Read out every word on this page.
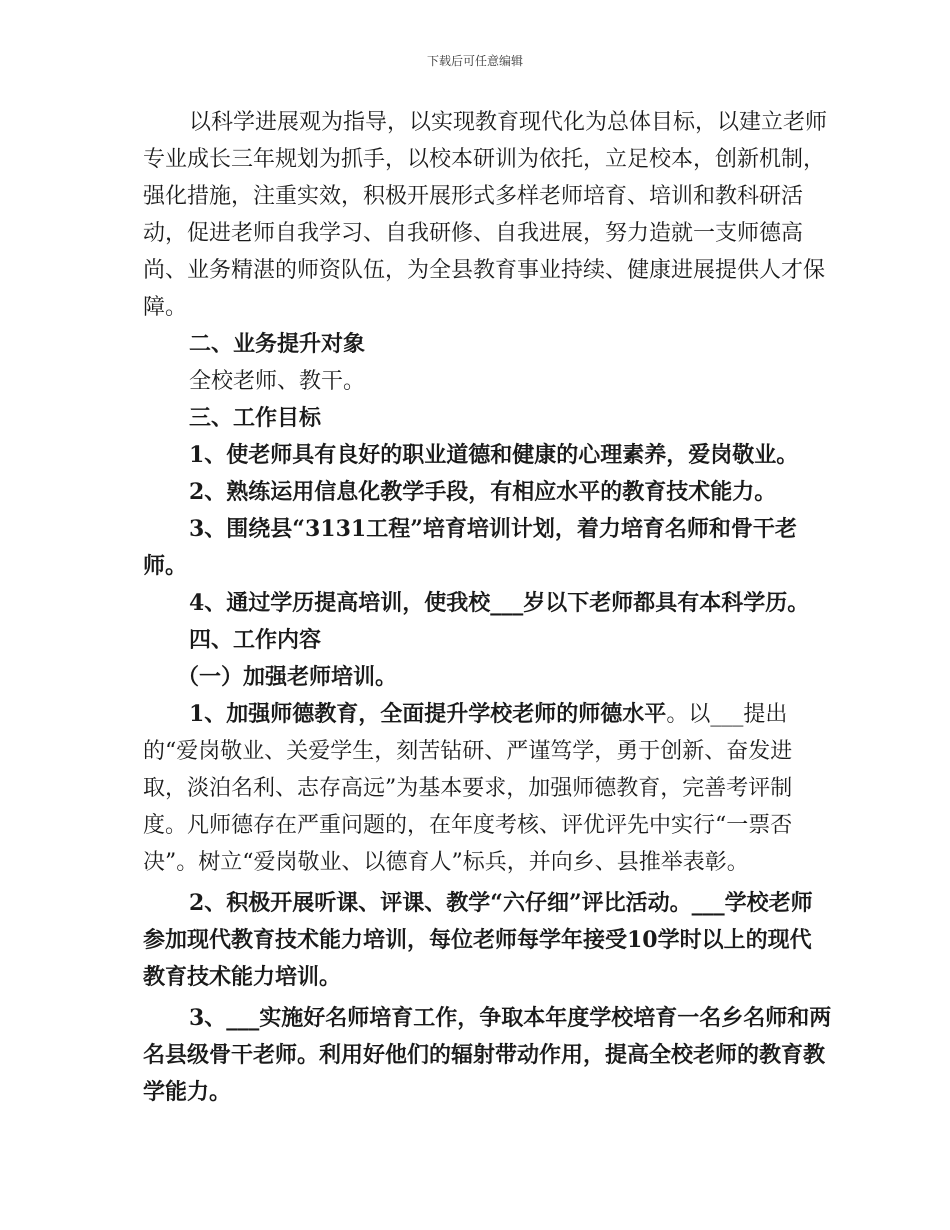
下载后可任意编辑

以科学进展观为指导，以实现教育现代化为总体目标，以建立老师专业成长三年规划为抓手，以校本研训为依托，立足校本，创新机制，强化措施，注重实效，积极开展形式多样老师培育、培训和教科研活动，促进老师自我学习、自我研修、自我进展，努力造就一支师德高尚、业务精湛的师资队伍，为全县教育事业持续、健康进展提供人才保障。

二、业务提升对象

全校老师、教干。

三、工作目标

1、使老师具有良好的职业道德和健康的心理素养，爱岗敬业。

2、熟练运用信息化教学手段，有相应水平的教育技术能力。

3、围绕县“3131工程”培育培训计划，着力培育名师和骨干老师。

4、通过学历提高培训，使我校___岁以下老师都具有本科学历。

四、工作内容

（一）加强老师培训。

1、加强师德教育，全面提升学校老师的师德水平。以___提出的“爱岗敬业、关爱学生，刻苦钻研、严谨笃学，勇于创新、奋发进取，淡泊名利、志存高远”为基本要求，加强师德教育，完善考评制度。凡师德存在严重问题的，在年度考核、评优评先中实行“一票否决”。树立“爱岗敬业、以德育人”标兵，并向乡、县推举表彰。

2、积极开展听课、评课、教学“六仔细”评比活动。___学校老师参加现代教育技术能力培训，每位老师每学年接受10学时以上的现代教育技术能力培训。

3、___实施好名师培育工作，争取本年度学校培育一名乡名师和两名县级骨干老师。利用好他们的辐射带动作用，提高全校老师的教育教学能力。
